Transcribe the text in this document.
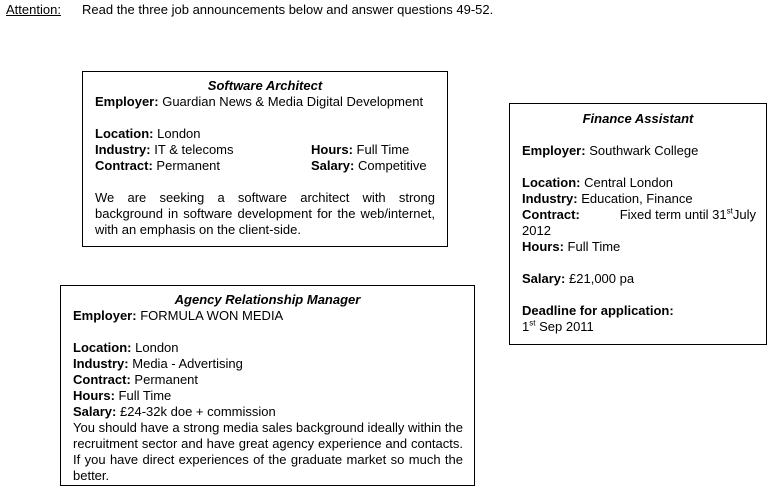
Attention: Read the three job announcements below and answer questions 49-52.
Software Architect
Employer: Guardian News & Media Digital Development
Location: London
Industry: IT & telecoms	Hours: Full Time
Contract: Permanent	Salary: Competitive
We are seeking a software architect with strong background in software development for the web/internet, with an emphasis on the client-side.
Agency Relationship Manager
Employer: FORMULA WON MEDIA
Location: London
Industry: Media - Advertising
Contract: Permanent
Hours: Full Time
Salary: £24-32k doe + commission
You should have a strong media sales background ideally within the recruitment sector and have great agency experience and contacts. If you have direct experiences of the graduate market so much the better.
Finance Assistant
Employer: Southwark College
Location: Central London
Industry: Education, Finance
Contract:	Fixed term until 31stJuly
2012
Hours: Full Time
Salary: £21,000 pa
Deadline for application:
1st Sep 2011
